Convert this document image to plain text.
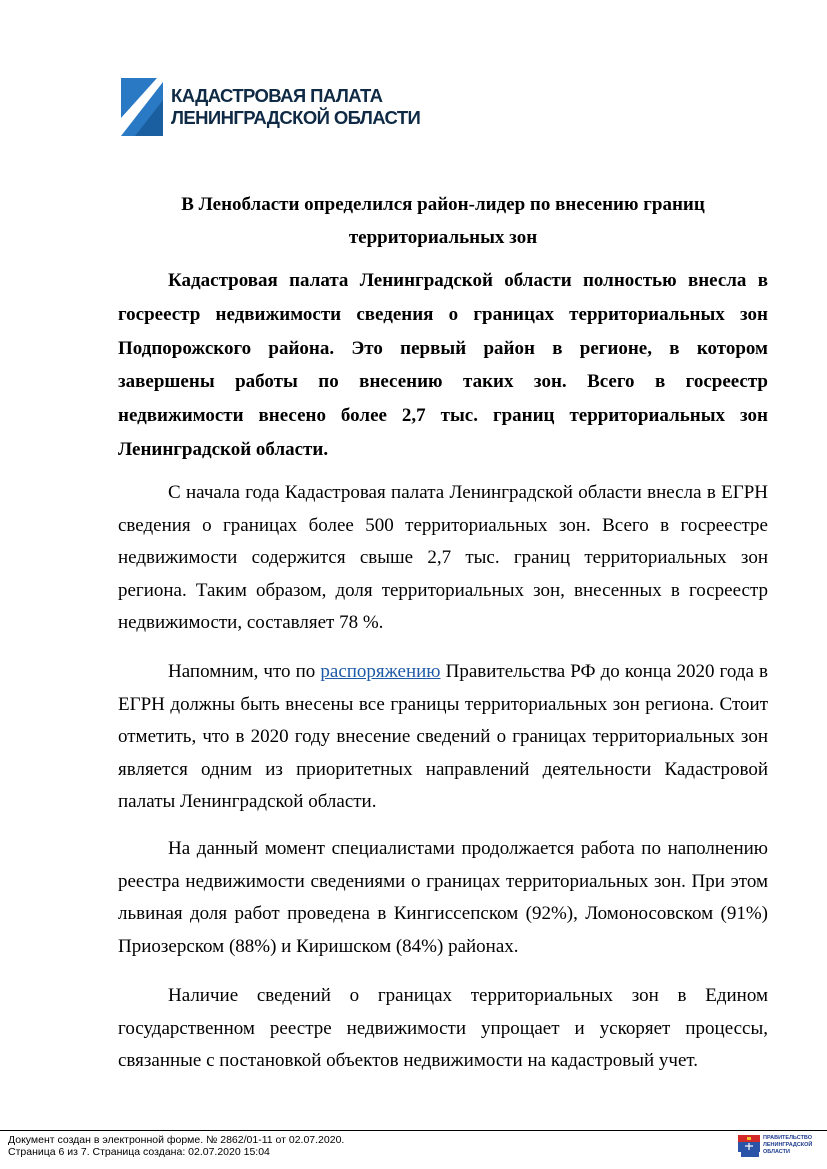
КАДАСТРОВАЯ ПАЛАТА
ЛЕНИНГРАДСКОЙ ОБЛАСТИ
В Ленобласти определился район-лидер по внесению границ территориальных зон

Кадастровая палата Ленинградской области полностью внесла в госреестр недвижимости сведения о границах территориальных зон Подпорожского района. Это первый район в регионе, в котором завершены работы по внесению таких зон. Всего в госреестр недвижимости внесено более 2,7 тыс. границ территориальных зон Ленинградской области.

С начала года Кадастровая палата Ленинградской области внесла в ЕГРН сведения о границах более 500 территориальных зон. Всего в госреестре недвижимости содержится свыше 2,7 тыс. границ территориальных зон региона. Таким образом, доля территориальных зон, внесенных в госреестр недвижимости, составляет 78 %.

Напомним, что по распоряжению Правительства РФ до конца 2020 года в ЕГРН должны быть внесены все границы территориальных зон региона. Стоит отметить, что в 2020 году внесение сведений о границах территориальных зон является одним из приоритетных направлений деятельности Кадастровой палаты Ленинградской области.

На данный момент специалистами продолжается работа по наполнению реестра недвижимости сведениями о границах территориальных зон. При этом львиная доля работ проведена в Кингиссепском (92%), Ломоносовском (91%) Приозерском (88%) и Киришском (84%) районах.

Наличие сведений о границах территориальных зон в Едином государственном реестре недвижимости упрощает и ускоряет процессы, связанные с постановкой объектов недвижимости на кадастровый учет.

Документ создан в электронной форме. № 2862/01-11 от 02.07.2020.
Страница 6 из 7. Страница создана: 02.07.2020 15:04
ПРАВИТЕЛЬСТВО
ЛЕНИНГРАДСКОЙ
ОБЛАСТИ
